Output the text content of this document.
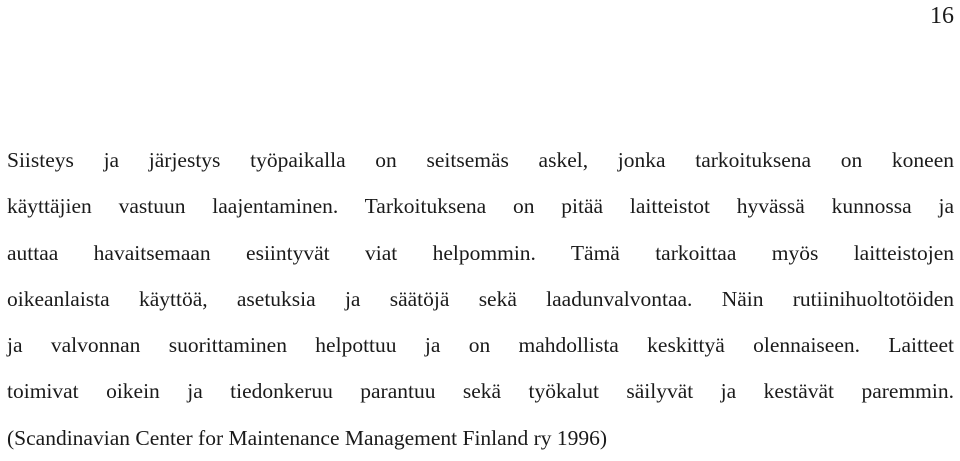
16
Siisteys ja järjestys työpaikalla on seitsemäs askel, jonka tarkoituksena on koneen
käyttäjien vastuun laajentaminen. Tarkoituksena on pitää laitteistot hyvässä kunnossa ja
auttaa havaitsemaan esiintyvät viat helpommin. Tämä tarkoittaa myös laitteistojen
oikeanlaista käyttöä, asetuksia ja säätöjä sekä laadunvalvontaa. Näin rutiinihuoltotöiden
ja valvonnan suorittaminen helpottuu ja on mahdollista keskittyä olennaiseen. Laitteet
toimivat oikein ja tiedonkeruu parantuu sekä työkalut säilyvät ja kestävät paremmin.
(Scandinavian Center for Maintenance Management Finland ry 1996)
